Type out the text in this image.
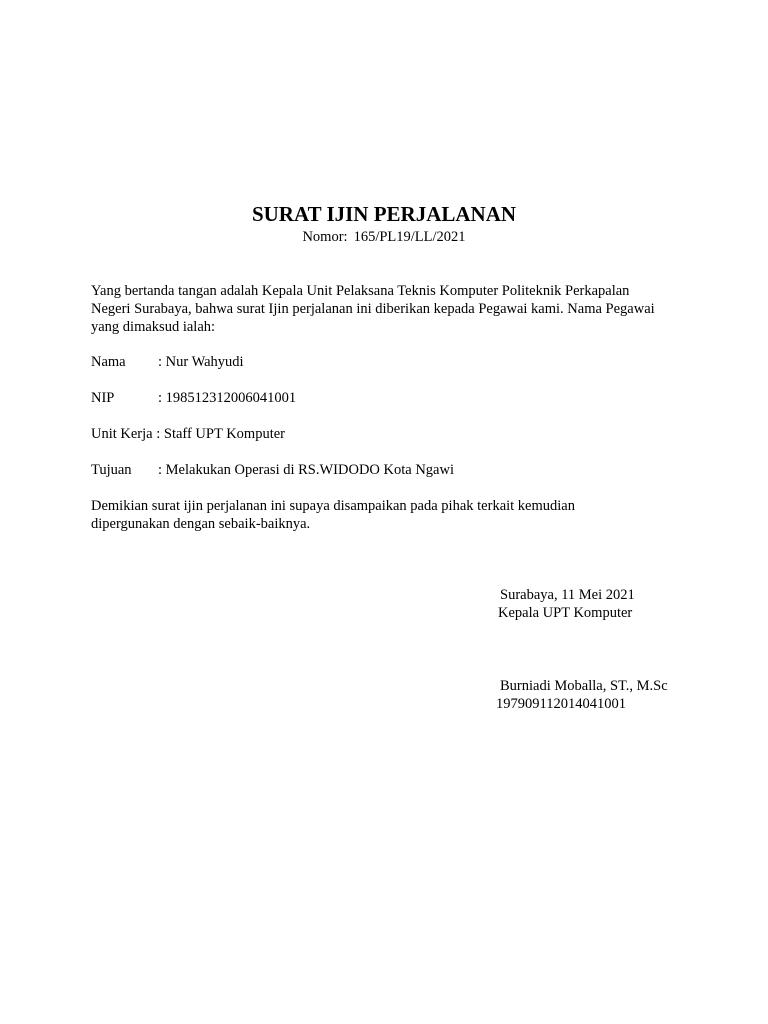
SURAT IJIN PERJALANAN
Nomor: 165/PL19/LL/2021
Yang bertanda tangan adalah Kepala Unit Pelaksana Teknis Komputer Politeknik Perkapalan
Negeri Surabaya, bahwa surat Ijin perjalanan ini diberikan kepada Pegawai kami. Nama Pegawai
yang dimaksud ialah:
Nama : Nur Wahyudi
NIP	: 198512312006041001
Unit Kerja : Staff UPT Komputer
Tujuan : Melakukan Operasi di RS.WIDODO Kota Ngawi
Demikian surat ijin perjalanan ini supaya disampaikan pada pihak terkait kemudian
dipergunakan dengan sebaik-baiknya.
Surabaya, 11 Mei 2021
Kepala UPT Komputer
Burniadi Moballa, ST., M.Sc
197909112014041001
